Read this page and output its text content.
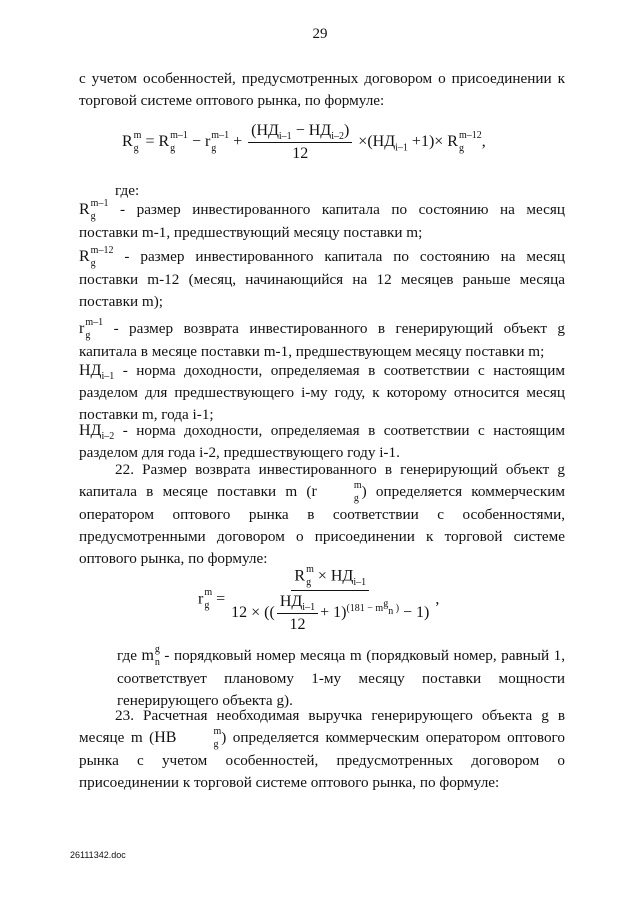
29
с учетом особенностей, предусмотренных договором о присоединении к торговой системе оптового рынка, по формуле:
R m
g = R m–1
g	− r m–1
g	+ $\frac{(НД_{i-1} - НД_{i-2})}{12} \times(НД_{i-1} +1)\times R$ m–12
g	,
где:
R m–1
g	- размер инвестированного капитала по состоянию на месяц поставки m-1, предшествующий месяцу поставки m;
R m–12
g	- размер инвестированного капитала по состоянию на месяц поставки m-12 (месяц, начинающийся на 12 месяцев раньше месяца поставки m);
r m–1
g	- размер возврата инвестированного в генерирующий объект g капитала в месяце поставки m-1, предшествующем месяцу поставки m;
$НД_{i-1}$ - норма доходности, определяемая в соответствии с настоящим разделом для предшествующего i-му году, к которому относится месяц поставки m, года i-1;
$НД_{i-2}$ - норма доходности, определяемая в соответствии с настоящим разделом для года i-2, предшествующего году i-1.
22. Размер возврата инвестированного в генерирующий объект g капитала в месяце поставки m (r	m
g ) определяется коммерческим оператором оптового рынка в соответствии с особенностями, предусмотренными договором о присоединении к торговой системе оптового рынка, по формуле:
r m
g = R m
$g \times НД_{i-1}$
12 × (( $\frac{НД_{i-1}}{12} + 1)^{(181 - m^g_n )} - 1$) ,
где m g
n - порядковый номер месяца m (порядковый номер, равный 1, соответствует плановому 1-му месяцу поставки мощности генерирующего объекта g).
23. Расчетная необходимая выручка генерирующего объекта g в месяце m (НВ	m
g ) определяется коммерческим оператором оптового рынка с учетом особенностей, предусмотренных договором о присоединении к торговой системе оптового рынка, по формуле:
26111342.doc
